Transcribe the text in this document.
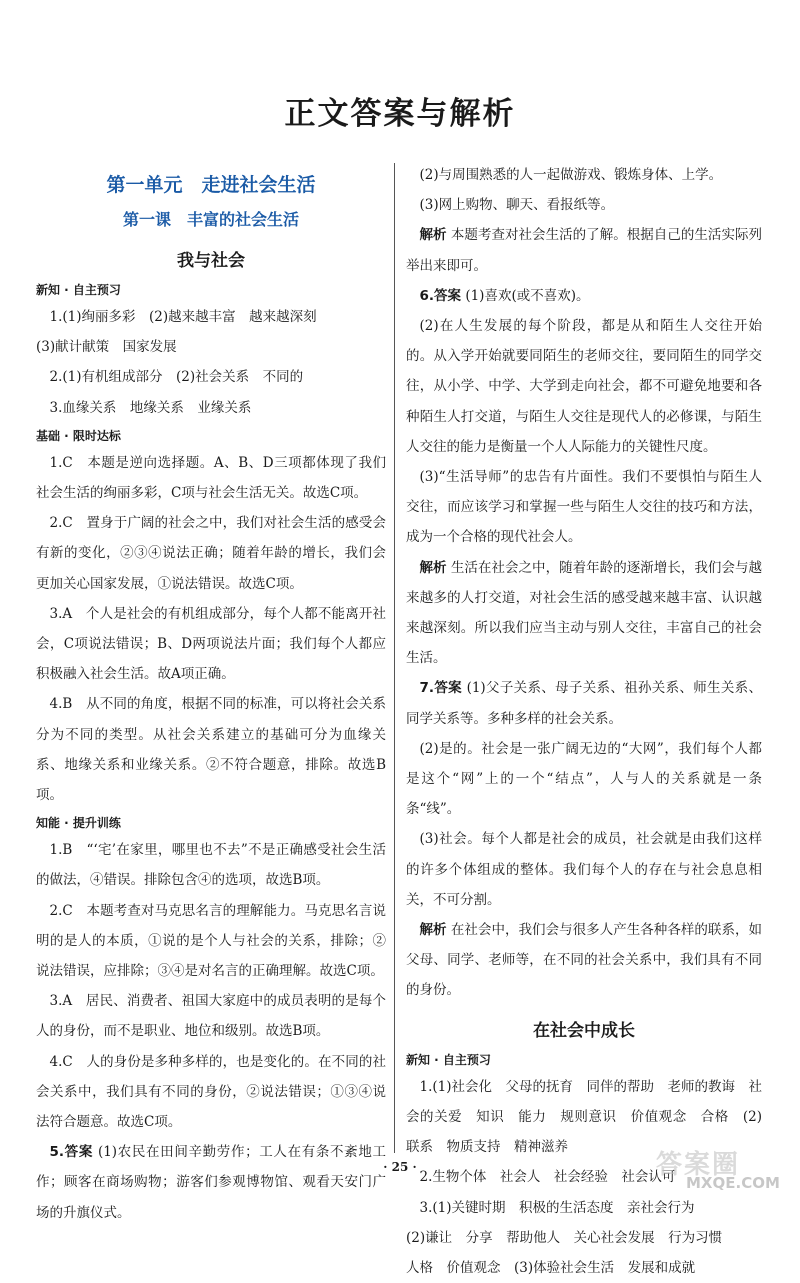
正文答案与解析
第一单元　走进社会生活
第一课　丰富的社会生活
我与社会
新知 · 自主预习

1.(1)绚丽多彩　(2)越来越丰富　越来越深刻

(3)献计献策　国家发展

2.(1)有机组成部分　(2)社会关系　不同的

3.血缘关系　地缘关系　业缘关系

基础 · 限时达标

1.C　本题是逆向选择题。A、B、D三项都体现了我们社会生活的绚丽多彩，C项与社会生活无关。故选C项。

2.C　置身于广阔的社会之中，我们对社会生活的感受会有新的变化，②③④说法正确；随着年龄的增长，我们会更加关心国家发展，①说法错误。故选C项。

3.A　个人是社会的有机组成部分，每个人都不能离开社会，C项说法错误；B、D两项说法片面；我们每个人都应积极融入社会生活。故A项正确。

4.B　从不同的角度，根据不同的标准，可以将社会关系分为不同的类型。从社会关系建立的基础可分为血缘关系、地缘关系和业缘关系。②不符合题意，排除。故选B项。

知能 · 提升训练

1.B　“‘宅’在家里，哪里也不去”不是正确感受社会生活的做法，④错误。排除包含④的选项，故选B项。

2.C　本题考查对马克思名言的理解能力。马克思名言说明的是人的本质，①说的是个人与社会的关系，排除；②说法错误，应排除；③④是对名言的正确理解。故选C项。

3.A　居民、消费者、祖国大家庭中的成员表明的是每个人的身份，而不是职业、地位和级别。故选B项。

4.C　人的身份是多种多样的，也是变化的。在不同的社会关系中，我们具有不同的身份，②说法错误；①③④说法符合题意。故选C项。

5.答案 (1)农民在田间辛勤劳作；工人在有条不紊地工作；顾客在商场购物；游客们参观博物馆、观看天安门广场的升旗仪式。

(2)与周围熟悉的人一起做游戏、锻炼身体、上学。

(3)网上购物、聊天、看报纸等。

解析 本题考查对社会生活的了解。根据自己的生活实际列举出来即可。

6.答案 (1)喜欢(或不喜欢)。

(2)在人生发展的每个阶段，都是从和陌生人交往开始的。从入学开始就要同陌生的老师交往，要同陌生的同学交往，从小学、中学、大学到走向社会，都不可避免地要和各种陌生人打交道，与陌生人交往是现代人的必修课，与陌生人交往的能力是衡量一个人人际能力的关键性尺度。

(3)“生活导师”的忠告有片面性。我们不要惧怕与陌生人交往，而应该学习和掌握一些与陌生人交往的技巧和方法，成为一个合格的现代社会人。

解析 生活在社会之中，随着年龄的逐渐增长，我们会与越来越多的人打交道，对社会生活的感受越来越丰富、认识越来越深刻。所以我们应当主动与别人交往，丰富自己的社会生活。

7.答案 (1)父子关系、母子关系、祖孙关系、师生关系、同学关系等。多种多样的社会关系。

(2)是的。社会是一张广阔无边的“大网”，我们每个人都是这个“网”上的一个“结点”，人与人的关系就是一条条“线”。

(3)社会。每个人都是社会的成员，社会就是由我们这样的许多个体组成的整体。我们每个人的存在与社会息息相关，不可分割。

解析 在社会中，我们会与很多人产生各种各样的联系，如父母、同学、老师等，在不同的社会关系中，我们具有不同的身份。

在社会中成长
新知 · 自主预习

1.(1)社会化　父母的抚育　同伴的帮助　老师的教诲　社会的关爱　知识　能力　规则意识　价值观念　合格　(2)联系　物质支持　精神滋养

2.生物个体　社会人　社会经验　社会认可

3.(1)关键时期　积极的生活态度　亲社会行为

(2)谦让　分享　帮助他人　关心社会发展　行为习惯

人格　价值观念　(3)体验社会生活　发展和成就

· 25 ·	答案圈
MXQE.COM
